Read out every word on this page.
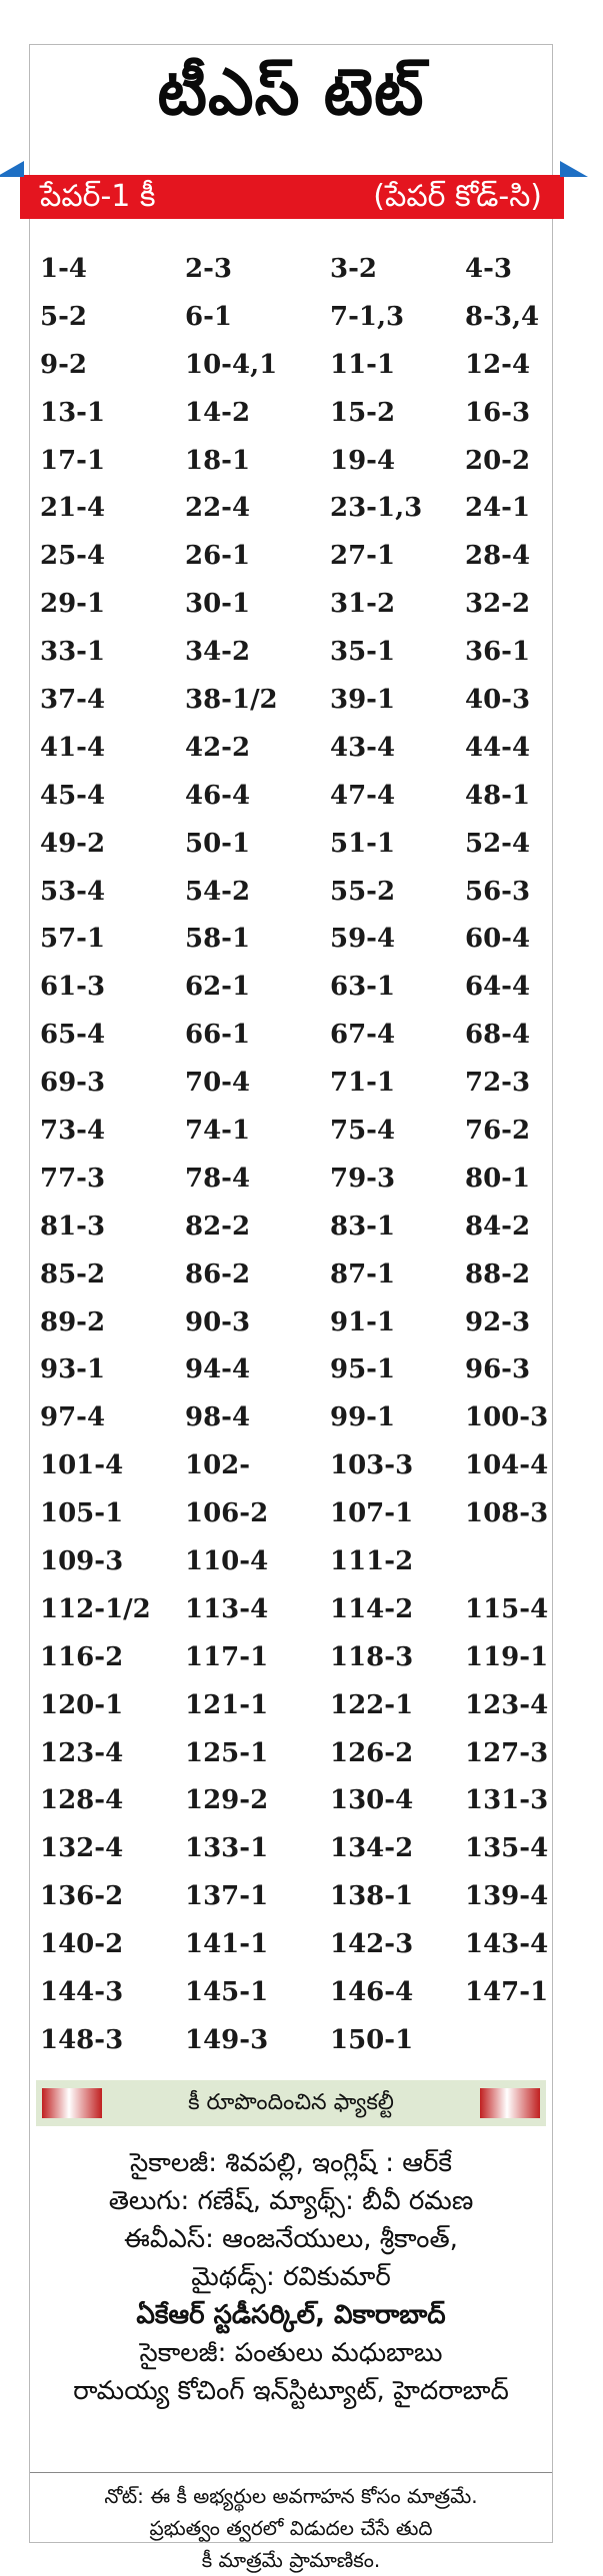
టీఎస్ టెట్
పేపర్-1 కీ	(పేపర్ కోడ్-సి)
1-4	2-3	3-2	4-3
5-2	6-1	7-1,3	8-3,4
9-2	10-4,1	11-1	12-4
13-1	14-2	15-2	16-3
17-1	18-1	19-4	20-2
21-4	22-4	23-1,3	24-1
25-4	26-1	27-1	28-4
29-1	30-1	31-2	32-2
33-1	34-2	35-1	36-1
37-4	38-1/2	39-1	40-3
41-4	42-2	43-4	44-4
45-4	46-4	47-4	48-1
49-2	50-1	51-1	52-4
53-4	54-2	55-2	56-3
57-1	58-1	59-4	60-4
61-3	62-1	63-1	64-4
65-4	66-1	67-4	68-4
69-3	70-4	71-1	72-3
73-4	74-1	75-4	76-2
77-3	78-4	79-3	80-1
81-3	82-2	83-1	84-2
85-2	86-2	87-1	88-2
89-2	90-3	91-1	92-3
93-1	94-4	95-1	96-3
97-4	98-4	99-1	100-3
101-4	102-	103-3	104-4
105-1	106-2	107-1	108-3
109-3	110-4	111-2
112-1/2	113-4	114-2	115-4
116-2	117-1	118-3	119-1
120-1	121-1	122-1	123-4
123-4	125-1	126-2	127-3
128-4	129-2	130-4	131-3
132-4	133-1	134-2	135-4
136-2	137-1	138-1	139-4
140-2	141-1	142-3	143-4
144-3	145-1	146-4	147-1
148-3	149-3	150-1
కీ రూపొందించిన ఫ్యాకల్టీ
సైకాలజీ: శివపల్లి, ఇంగ్లిష్ : ఆర్‌కే
తెలుగు: గణేష్, మ్యాథ్స్: బీవీ రమణ
ఈవీఎస్: ఆంజనేయులు, శ్రీకాంత్,
మైథడ్స్: రవికుమార్
ఏకేఆర్ స్టడీసర్కిల్, వికారాబాద్
సైకాలజీ: పంతులు మధుబాబు
రామయ్య కోచింగ్ ఇన్‌స్టిట్యూట్, హైదరాబాద్
నోట్: ఈ కీ అభ్యర్థుల అవగాహన కోసం మాత్రమే.
ప్రభుత్వం త్వరలో విడుదల చేసే తుది
కీ మాత్రమే ప్రామాణికం.
